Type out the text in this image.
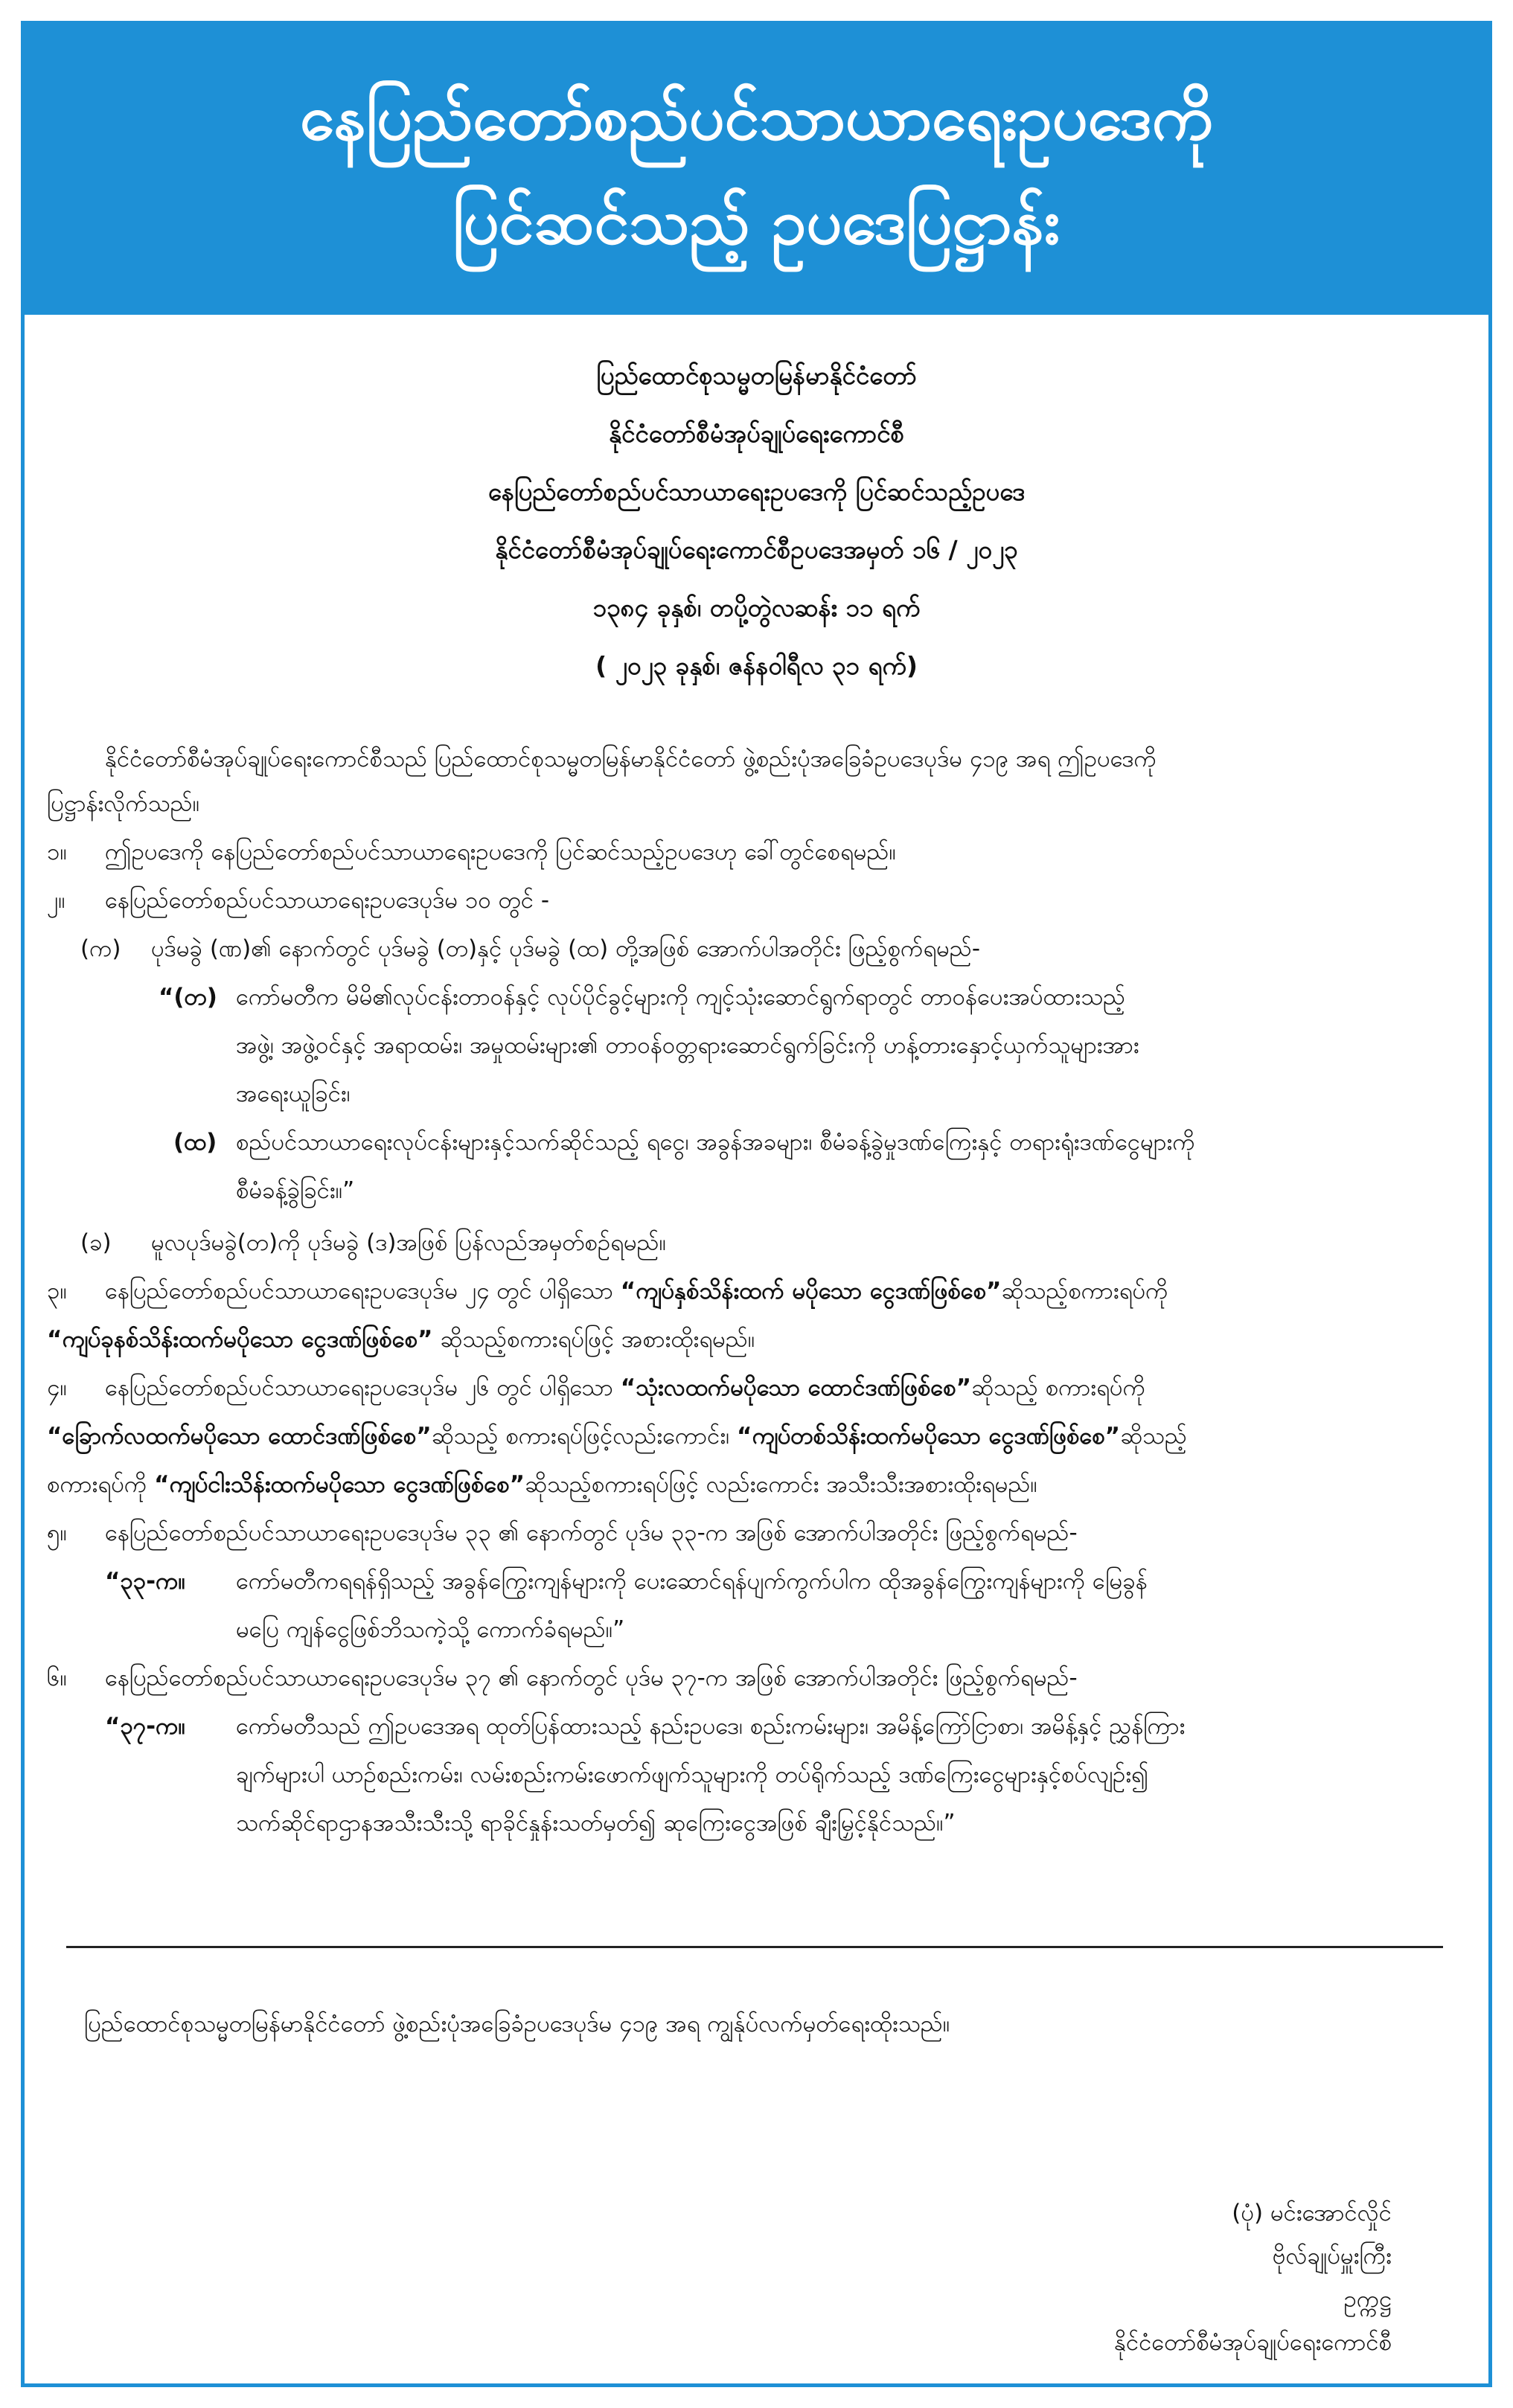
နေပြည်တော်စည်ပင်သာယာရေးဥပဒေကို
ပြင်ဆင်သည့် ဥပဒေပြဋ္ဌာန်း
ပြည်ထောင်စုသမ္မတမြန်မာနိုင်ငံတော်
နိုင်ငံတော်စီမံအုပ်ချုပ်ရေးကောင်စီ
နေပြည်တော်စည်ပင်သာယာရေးဥပဒေကို ပြင်ဆင်သည့်ဥပဒေ
နိုင်ငံတော်စီမံအုပ်ချုပ်ရေးကောင်စီဥပဒေအမှတ် ၁၆ / ၂၀၂၃
၁၃၈၄ ခုနှစ်၊ တပို့တွဲလဆန်း ၁၁ ရက်
( ၂၀၂၃ ခုနှစ်၊ ဇန်နဝါရီလ ၃၁ ရက်)
နိုင်ငံတော်စီမံအုပ်ချုပ်ရေးကောင်စီသည် ပြည်ထောင်စုသမ္မတမြန်မာနိုင်ငံတော် ဖွဲ့စည်းပုံအခြေခံဥပဒေပုဒ်မ ၄၁၉ အရ ဤဥပဒေကို
ပြဋ္ဌာန်းလိုက်သည်။
၁။ ဤဥပဒေကို နေပြည်တော်စည်ပင်သာယာရေးဥပဒေကို ပြင်ဆင်သည့်ဥပဒေဟု ခေါ်တွင်စေရမည်။
၂။ နေပြည်တော်စည်ပင်သာယာရေးဥပဒေပုဒ်မ ၁၀ တွင် -
(က) ပုဒ်မခွဲ (ဏ)၏ နောက်တွင် ပုဒ်မခွဲ (တ)နှင့် ပုဒ်မခွဲ (ထ) တို့အဖြစ် အောက်ပါအတိုင်း ဖြည့်စွက်ရမည်-
“(တ) ကော်မတီက မိမိ၏လုပ်ငန်းတာဝန်နှင့် လုပ်ပိုင်ခွင့်များကို ကျင့်သုံးဆောင်ရွက်ရာတွင် တာဝန်ပေးအပ်ထားသည့်
အဖွဲ့၊ အဖွဲ့ဝင်နှင့် အရာထမ်း၊ အမှုထမ်းများ၏ တာဝန်ဝတ္တရားဆောင်ရွက်ခြင်းကို ဟန့်တားနှောင့်ယှက်သူများအား
အရေးယူခြင်း၊
(ထ) စည်ပင်သာယာရေးလုပ်ငန်းများနှင့်သက်ဆိုင်သည့် ရငွေ၊ အခွန်အခများ၊ စီမံခန့်ခွဲမှုဒဏ်ကြေးနှင့် တရားရုံးဒဏ်ငွေများကို
စီမံခန့်ခွဲခြင်း။”
(ခ) မူလပုဒ်မခွဲ(တ)ကို ပုဒ်မခွဲ (ဒ)အဖြစ် ပြန်လည်အမှတ်စဉ်ရမည်။
၃။ နေပြည်တော်စည်ပင်သာယာရေးဥပဒေပုဒ်မ ၂၄ တွင် ပါရှိသော “ကျပ်နှစ်သိန်းထက် မပိုသော ငွေဒဏ်ဖြစ်စေ”ဆိုသည့်စကားရပ်ကို
“ကျပ်ခုနစ်သိန်းထက်မပိုသော ငွေဒဏ်ဖြစ်စေ” ဆိုသည့်စကားရပ်ဖြင့် အစားထိုးရမည်။
၄။ နေပြည်တော်စည်ပင်သာယာရေးဥပဒေပုဒ်မ ၂၆ တွင် ပါရှိသော “သုံးလထက်မပိုသော ထောင်ဒဏ်ဖြစ်စေ”ဆိုသည့် စကားရပ်ကို
“ခြောက်လထက်မပိုသော ထောင်ဒဏ်ဖြစ်စေ”ဆိုသည့် စကားရပ်ဖြင့်လည်းကောင်း၊ “ကျပ်တစ်သိန်းထက်မပိုသော ငွေဒဏ်ဖြစ်စေ”ဆိုသည့်
စကားရပ်ကို “ကျပ်ငါးသိန်းထက်မပိုသော ငွေဒဏ်ဖြစ်စေ”ဆိုသည့်စကားရပ်ဖြင့် လည်းကောင်း အသီးသီးအစားထိုးရမည်။
၅။ နေပြည်တော်စည်ပင်သာယာရေးဥပဒေပုဒ်မ ၃၃ ၏ နောက်တွင် ပုဒ်မ ၃၃-က အဖြစ် အောက်ပါအတိုင်း ဖြည့်စွက်ရမည်-
“၃၃-က။ ကော်မတီကရရန်ရှိသည့် အခွန်ကြွေးကျန်များကို ပေးဆောင်ရန်ပျက်ကွက်ပါက ထိုအခွန်ကြွေးကျန်များကို မြေခွန်
မပြေ ကျန်ငွေဖြစ်ဘိသကဲ့သို့ ကောက်ခံရမည်။”
၆။ နေပြည်တော်စည်ပင်သာယာရေးဥပဒေပုဒ်မ ၃၇ ၏ နောက်တွင် ပုဒ်မ ၃၇-က အဖြစ် အောက်ပါအတိုင်း ဖြည့်စွက်ရမည်-
“၃၇-က။ ကော်မတီသည် ဤဥပဒေအရ ထုတ်ပြန်ထားသည့် နည်းဥပဒေ၊ စည်းကမ်းများ၊ အမိန့်ကြော်ငြာစာ၊ အမိန့်နှင့် ညွှန်ကြား
ချက်များပါ ယာဉ်စည်းကမ်း၊ လမ်းစည်းကမ်းဖောက်ဖျက်သူများကို တပ်ရိုက်သည့် ဒဏ်ကြေးငွေများနှင့်စပ်လျဉ်း၍
သက်ဆိုင်ရာဌာနအသီးသီးသို့ ရာခိုင်နှုန်းသတ်မှတ်၍ ဆုကြေးငွေအဖြစ် ချီးမြှင့်နိုင်သည်။”
ပြည်ထောင်စုသမ္မတမြန်မာနိုင်ငံတော် ဖွဲ့စည်းပုံအခြေခံဥပဒေပုဒ်မ ၄၁၉ အရ ကျွန်ုပ်လက်မှတ်ရေးထိုးသည်။
(ပုံ) မင်းအောင်လှိုင်
ဗိုလ်ချုပ်မှူးကြီး
ဥက္ကဋ္ဌ
နိုင်ငံတော်စီမံအုပ်ချုပ်ရေးကောင်စီ
